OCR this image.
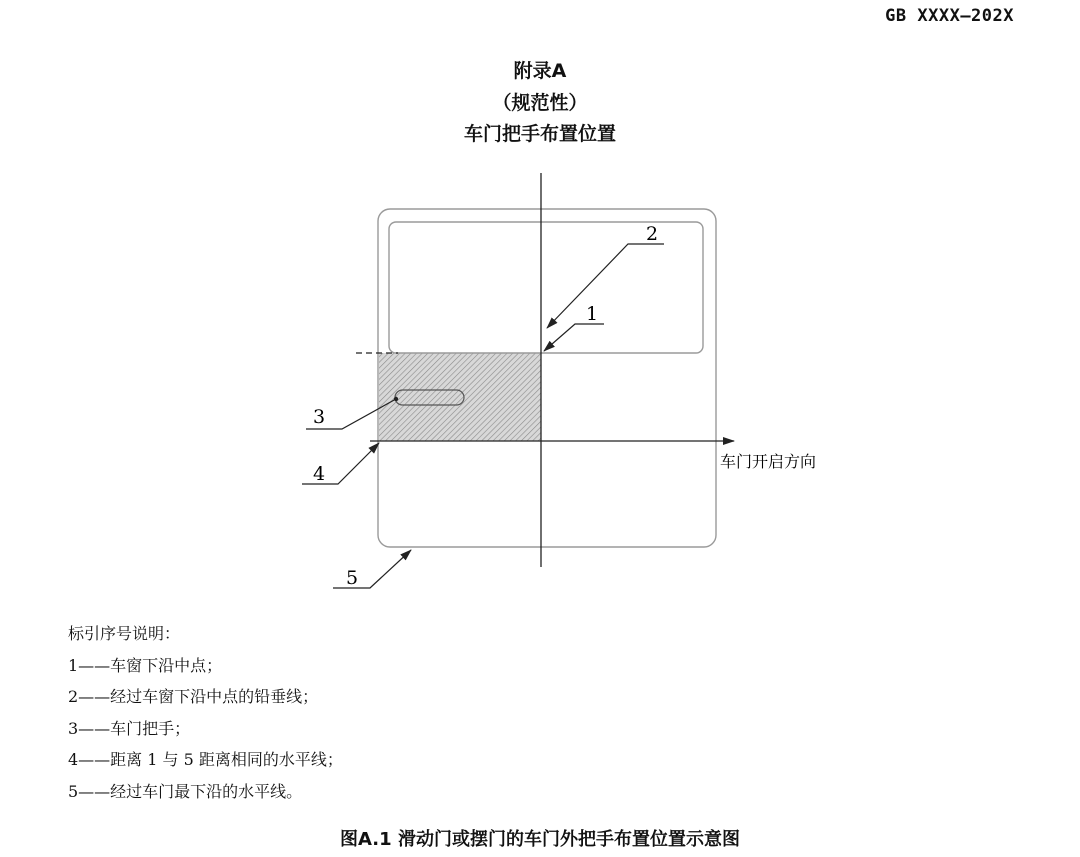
GB XXXX—202X
附录A
（规范性）
车门把手布置位置
2
1
3
4
5
车门开启方向
标引序号说明：
1——车窗下沿中点；
2——经过车窗下沿中点的铅垂线；
3——车门把手；
4——距离 1 与 5 距离相同的水平线；
5——经过车门最下沿的水平线。
图A.1 滑动门或摆门的车门外把手布置位置示意图
